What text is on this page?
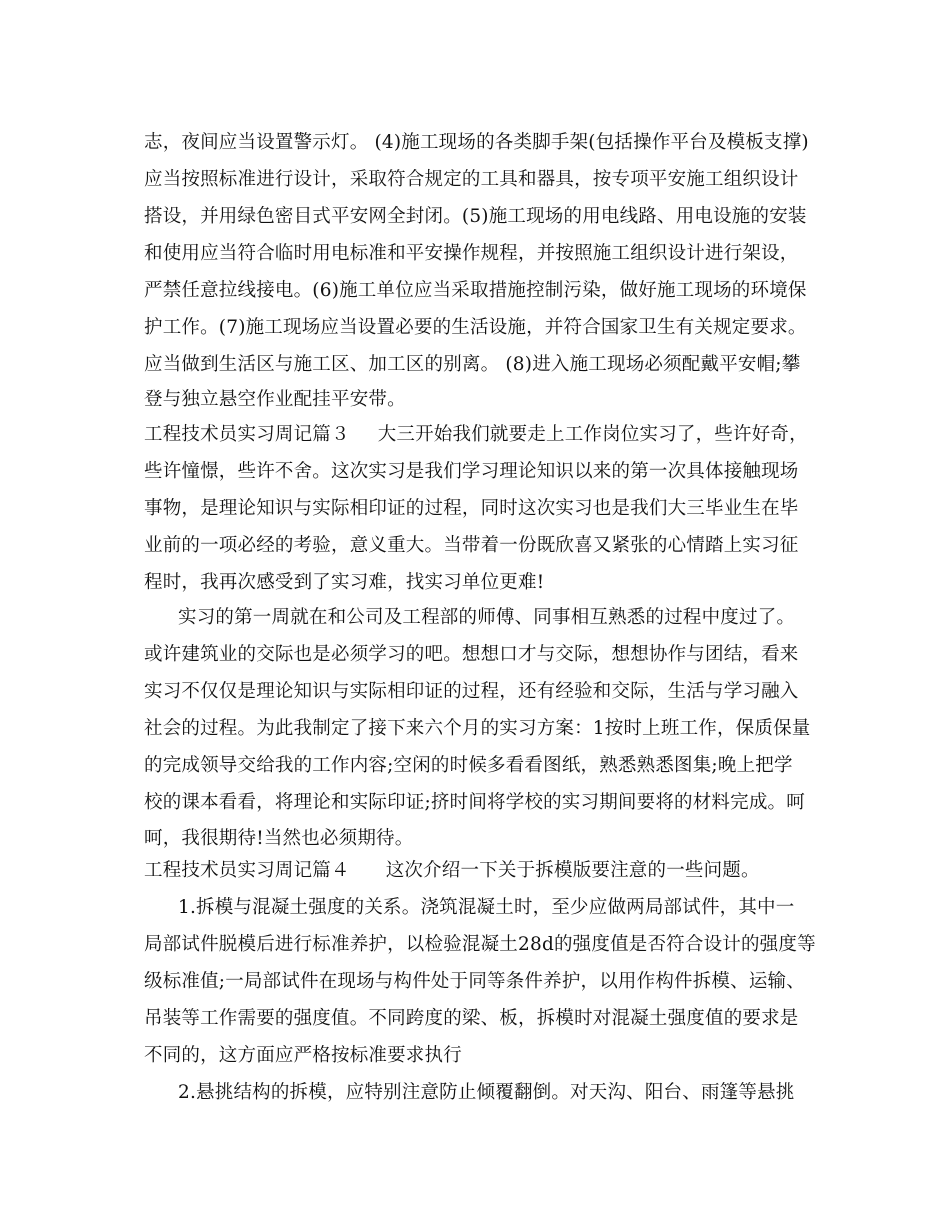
志，夜间应当设置警示灯。 (4)施工现场的各类脚手架(包括操作平台及模板支撑)
应当按照标准进行设计，采取符合规定的工具和器具，按专项平安施工组织设计
搭设，并用绿色密目式平安网全封闭。(5)施工现场的用电线路、用电设施的安装
和使用应当符合临时用电标准和平安操作规程，并按照施工组织设计进行架设，
严禁任意拉线接电。(6)施工单位应当采取措施控制污染，做好施工现场的环境保
护工作。(7)施工现场应当设置必要的生活设施，并符合国家卫生有关规定要求。
应当做到生活区与施工区、加工区的别离。 (8)进入施工现场必须配戴平安帽;攀
登与独立悬空作业配挂平安带。
工程技术员实习周记篇３ 大三开始我们就要走上工作岗位实习了，些许好奇，
些许憧憬，些许不舍。这次实习是我们学习理论知识以来的第一次具体接触现场
事物，是理论知识与实际相印证的过程，同时这次实习也是我们大三毕业生在毕
业前的一项必经的考验，意义重大。当带着一份既欣喜又紧张的心情踏上实习征
程时，我再次感受到了实习难，找实习单位更难!
实习的第一周就在和公司及工程部的师傅、同事相互熟悉的过程中度过了。
或许建筑业的交际也是必须学习的吧。想想口才与交际，想想协作与团结，看来
实习不仅仅是理论知识与实际相印证的过程，还有经验和交际，生活与学习融入
社会的过程。为此我制定了接下来六个月的实习方案：1按时上班工作，保质保量
的完成领导交给我的工作内容;空闲的时候多看看图纸，熟悉熟悉图集;晚上把学
校的课本看看，将理论和实际印证;挤时间将学校的实习期间要将的材料完成。呵
呵，我很期待!当然也必须期待。
工程技术员实习周记篇４ 这次介绍一下关于拆模版要注意的一些问题。
1.拆模与混凝土强度的关系。浇筑混凝土时，至少应做两局部试件，其中一
局部试件脱模后进行标准养护，以检验混凝土28d的强度值是否符合设计的强度等
级标准值;一局部试件在现场与构件处于同等条件养护，以用作构件拆模、运输、
吊装等工作需要的强度值。不同跨度的梁、板，拆模时对混凝土强度值的要求是
不同的，这方面应严格按标准要求执行
2.悬挑结构的拆模，应特别注意防止倾覆翻倒。对天沟、阳台、雨篷等悬挑
